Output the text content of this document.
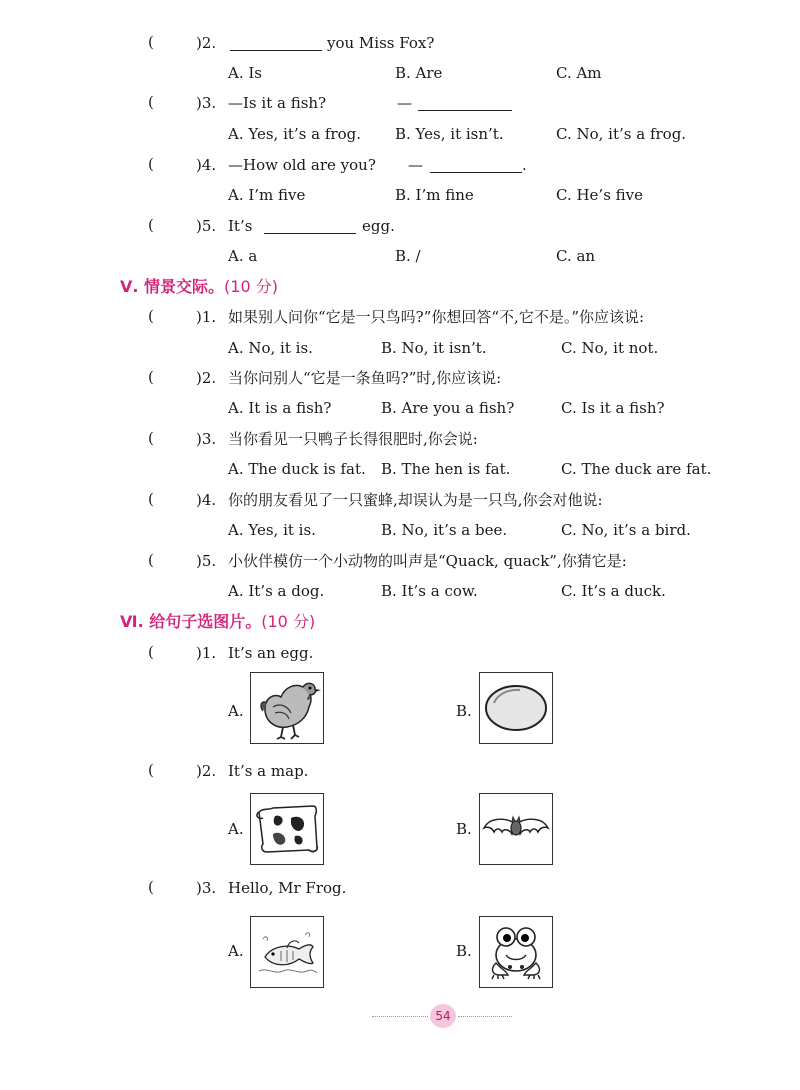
(	)2.	you Miss Fox?
A. Is	B. Are	C. Am
(	)3. —Is it a fish?	—
A. Yes, it’s a frog. B. Yes, it isn’t.	C. No, it’s a frog.
(	)4. —How old are you? —	.
A. I’m five	B. I’m fine	C. He’s five
(	)5. It’s	egg.
A. a	B. /	C. an
Ⅴ. 情景交际。(10 分)
(	)1. 如果别人问你“它是一只鸟吗?”你想回答“不,它不是。”你应该说:
A. No, it is.	B. No, it isn’t.	C. No, it not.
(	)2. 当你问别人“它是一条鱼吗?”时,你应该说:
A. It is a fish?	B. Are you a fish?	C. Is it a fish?
(	)3. 当你看见一只鸭子长得很肥时,你会说:
A. The duck is fat. B. The hen is fat.	C. The duck are fat.
(	)4. 你的朋友看见了一只蜜蜂,却误认为是一只鸟,你会对他说:
A. Yes, it is.	B. No, it’s a bee.	C. No, it’s a bird.
(	)5. 小伙伴模仿一个小动物的叫声是“Quack, quack”,你猜它是:
A. It’s a dog.	B. It’s a cow.	C. It’s a duck.
Ⅵ. 给句子选图片。(10 分)
(	)1. It’s an egg.
A.	B.
(	)2. It’s a map.
A.	B.
(	)3. Hello, Mr Frog.
A.	B.
54
